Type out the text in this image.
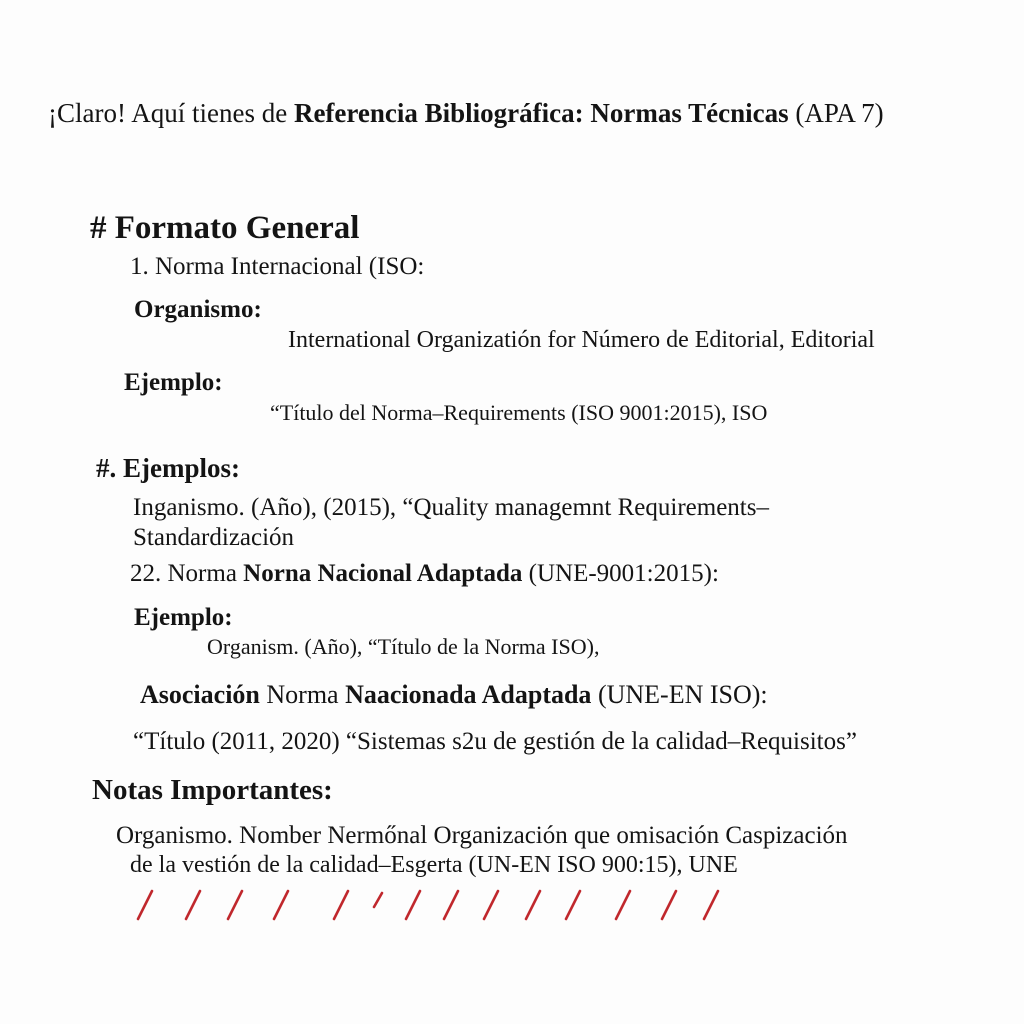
¡Claro! Aquí tienes de Referencia Bibliográfica: Normas Técnicas (APA 7)
# Formato General
1. Norma Internacional (ISO:
Organismo:
International Organizatión for Número de Editorial, Editorial
Ejemplo:
“Título del Norma–Requirements (ISO 9001:2015), ISO
#. Ejemplos:
Inganismo. (Año), (2015), “Quality managemnt Requirements–
Standardización
22. Norma Norna Nacional Adaptada (UNE-9001:2015):
Ejemplo:
Organism. (Año), “Título de la Norma ISO),
Asociación Norma Naacionada Adaptada (UNE-EN ISO):
“Título (2011, 2020) “Sistemas s2u de gestión de la calidad–Requisitos”
Notas Importantes:
Organismo. Nomber Nermőnal Organización que omisación Caspización
de la vestión de la calidad–Esgerta (UN-EN ISO 900:15), UNE
